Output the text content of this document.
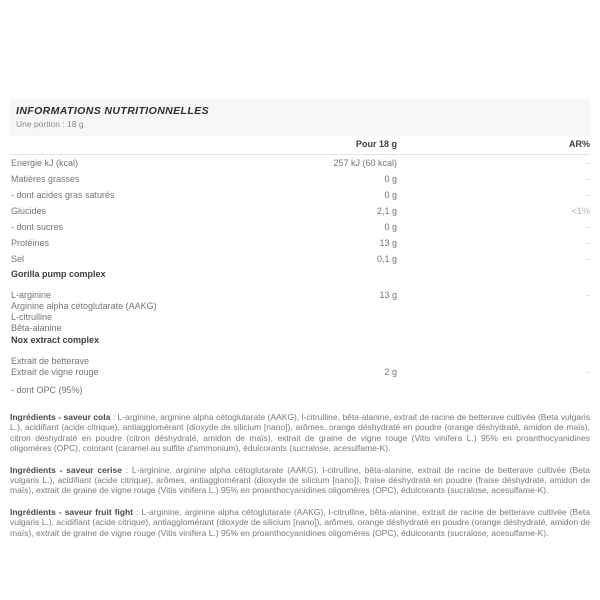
INFORMATIONS NUTRITIONNELLES
Une portion : 18 g
Pour 18 g	AR%
Energie kJ (kcal)	257 kJ (60 kcal)	-
Matières grasses	0 g	-
- dont acides gras saturés	0 g	-
Glucides	2,1 g	<1%
- dont sucres	0 g	-
Protéines	13 g	-
Sel	0,1 g	-
Gorilla pump complex
L-arginine	13 g	-
Arginine alpha cétoglutarate (AAKG)
L-citrulline
Bêta-alanine
Nox extract complex
Extrait de betterave
Extrait de vigne rouge	2 g	-
- dont OPC (95%)

Ingrédients - saveur cola : L-arginine, arginine alpha cétoglutarate (AAKG), l-citrulline, bêta-alanine, extrait de racine de betterave cultivée (Beta vulgaris L.), acidifiant (acide citrique), antiagglomérant (dioxyde de silicium [nano]), arômes, orange déshydraté en poudre (orange déshydraté, amidon de maïs), citron déshydraté en poudre (citron déshydraté, amidon de maïs), extrait de graine de vigne rouge (Vitis vinifera L.) 95% en proanthocyanidines oligomères (OPC), colorant (caramel au sulfite d'ammonium), édulcorants (sucralose, acesulfame-K).

Ingrédients - saveur cerise : L-arginine, arginine alpha cétoglutarate (AAKG), l-citrulline, bêta-alanine, extrait de racine de betterave cultivée (Beta vulgaris L.), acidifiant (acide citrique), arômes, antiagglomérant (dioxyde de silicium [nano]), fraise déshydraté en poudre (fraise déshydraté, amidon de maïs), extrait de graine de vigne rouge (Vitis vinifera L.) 95% en proanthocyanidines oligomères (OPC), édulcorants (sucralose, acesulfame-K).

Ingrédients - saveur fruit fight : L-arginine, arginine alpha cétoglutarate (AAKG), l-citrulline, bêta-alanine, extrait de racine de betterave cultivée (Beta vulgaris L.), acidifiant (acide citrique), antiagglomérant (dioxyde de silicium [nano]), arômes, orange déshydraté en poudre (orange déshydraté, amidon de maïs), extrait de graine de vigne rouge (Vitis vinifera L.) 95% en proanthocyanidines oligomères (OPC), édulcorants (sucralose, acesulfame-K).
